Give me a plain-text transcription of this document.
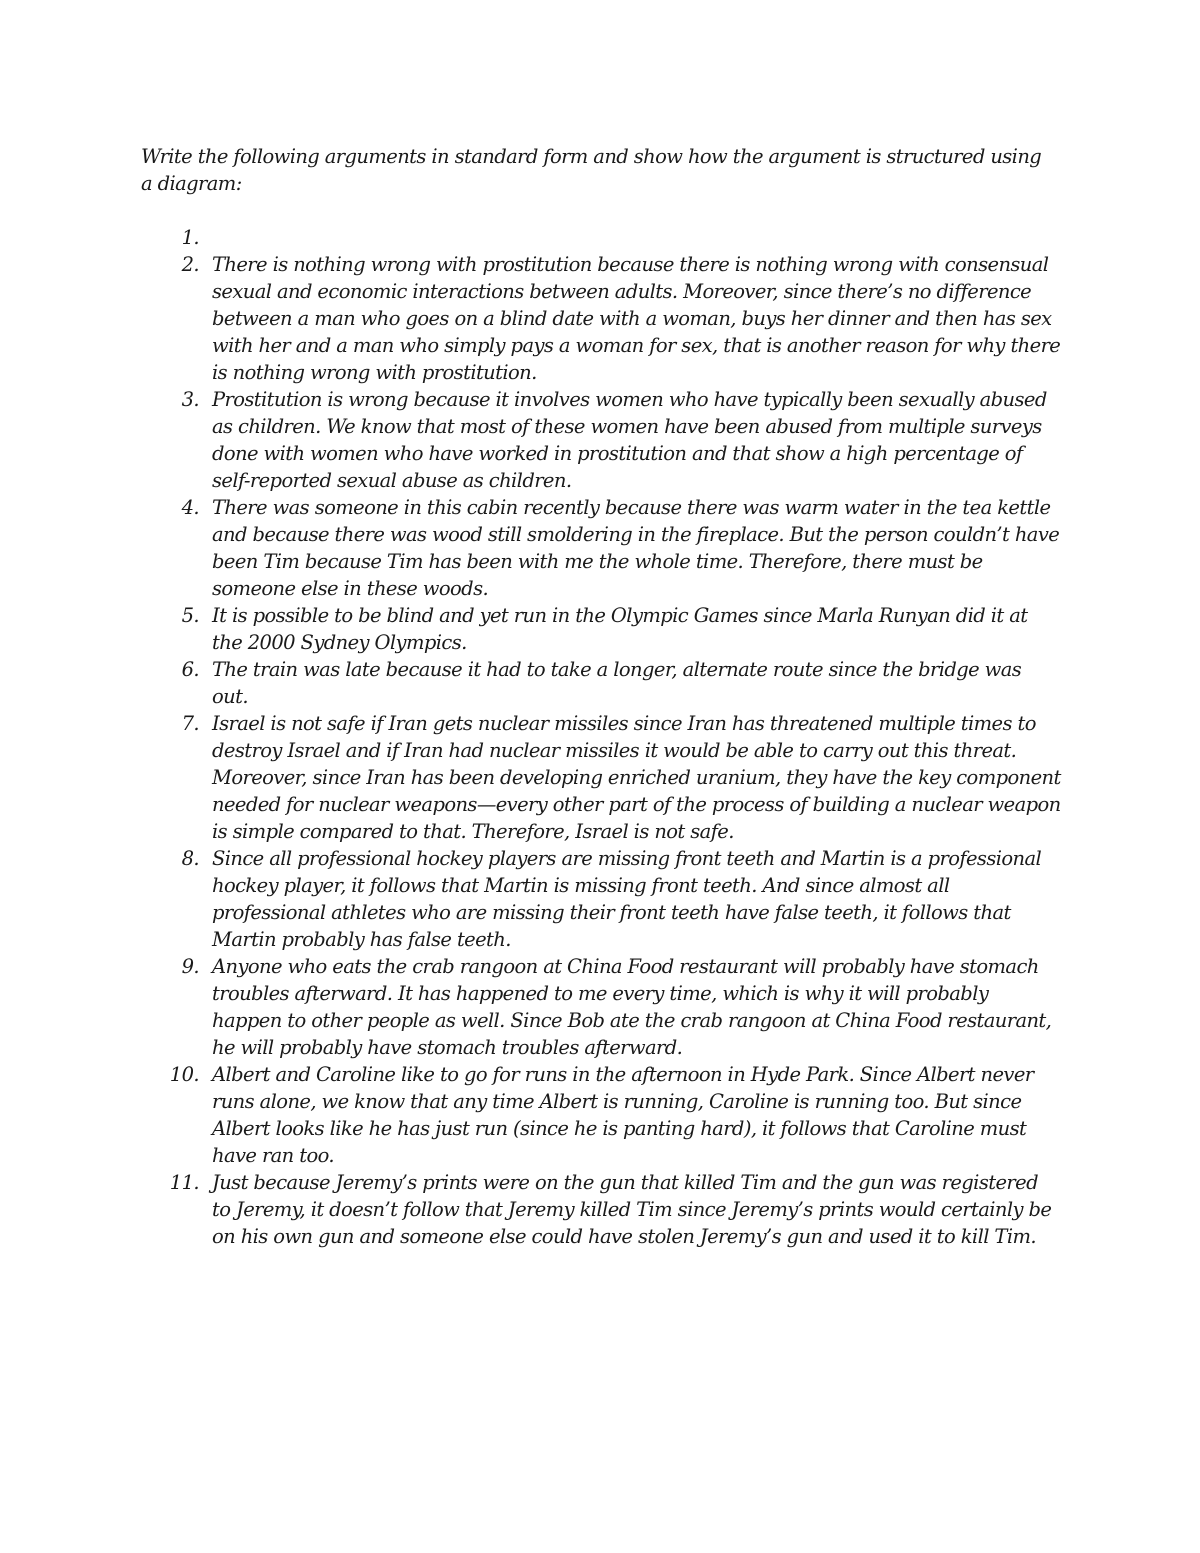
Write the following arguments in standard form and show how the argument is structured using a diagram:

1.
2. There is nothing wrong with prostitution because there is nothing wrong with consensual sexual and economic interactions between adults. Moreover, since there’s no difference between a man who goes on a blind date with a woman, buys her dinner and then has sex with her and a man who simply pays a woman for sex, that is another reason for why there is nothing wrong with prostitution.
3. Prostitution is wrong because it involves women who have typically been sexually abused as children. We know that most of these women have been abused from multiple surveys done with women who have worked in prostitution and that show a high percentage of self-reported sexual abuse as children.
4. There was someone in this cabin recently because there was warm water in the tea kettle and because there was wood still smoldering in the fireplace. But the person couldn’t have been Tim because Tim has been with me the whole time. Therefore, there must be someone else in these woods.
5. It is possible to be blind and yet run in the Olympic Games since Marla Runyan did it at the 2000 Sydney Olympics.
6. The train was late because it had to take a longer, alternate route since the bridge was out.
7. Israel is not safe if Iran gets nuclear missiles since Iran has threatened multiple times to destroy Israel and if Iran had nuclear missiles it would be able to carry out this threat. Moreover, since Iran has been developing enriched uranium, they have the key component needed for nuclear weapons—every other part of the process of building a nuclear weapon is simple compared to that. Therefore, Israel is not safe.
8. Since all professional hockey players are missing front teeth and Martin is a professional hockey player, it follows that Martin is missing front teeth. And since almost all professional athletes who are missing their front teeth have false teeth, it follows that Martin probably has false teeth.
9. Anyone who eats the crab rangoon at China Food restaurant will probably have stomach troubles afterward. It has happened to me every time, which is why it will probably happen to other people as well. Since Bob ate the crab rangoon at China Food restaurant, he will probably have stomach troubles afterward.
10. Albert and Caroline like to go for runs in the afternoon in Hyde Park. Since Albert never runs alone, we know that any time Albert is running, Caroline is running too. But since Albert looks like he has just run (since he is panting hard), it follows that Caroline must have ran too.
11. Just because Jeremy’s prints were on the gun that killed Tim and the gun was registered to Jeremy, it doesn’t follow that Jeremy killed Tim since Jeremy’s prints would certainly be on his own gun and someone else could have stolen Jeremy’s gun and used it to kill Tim.
